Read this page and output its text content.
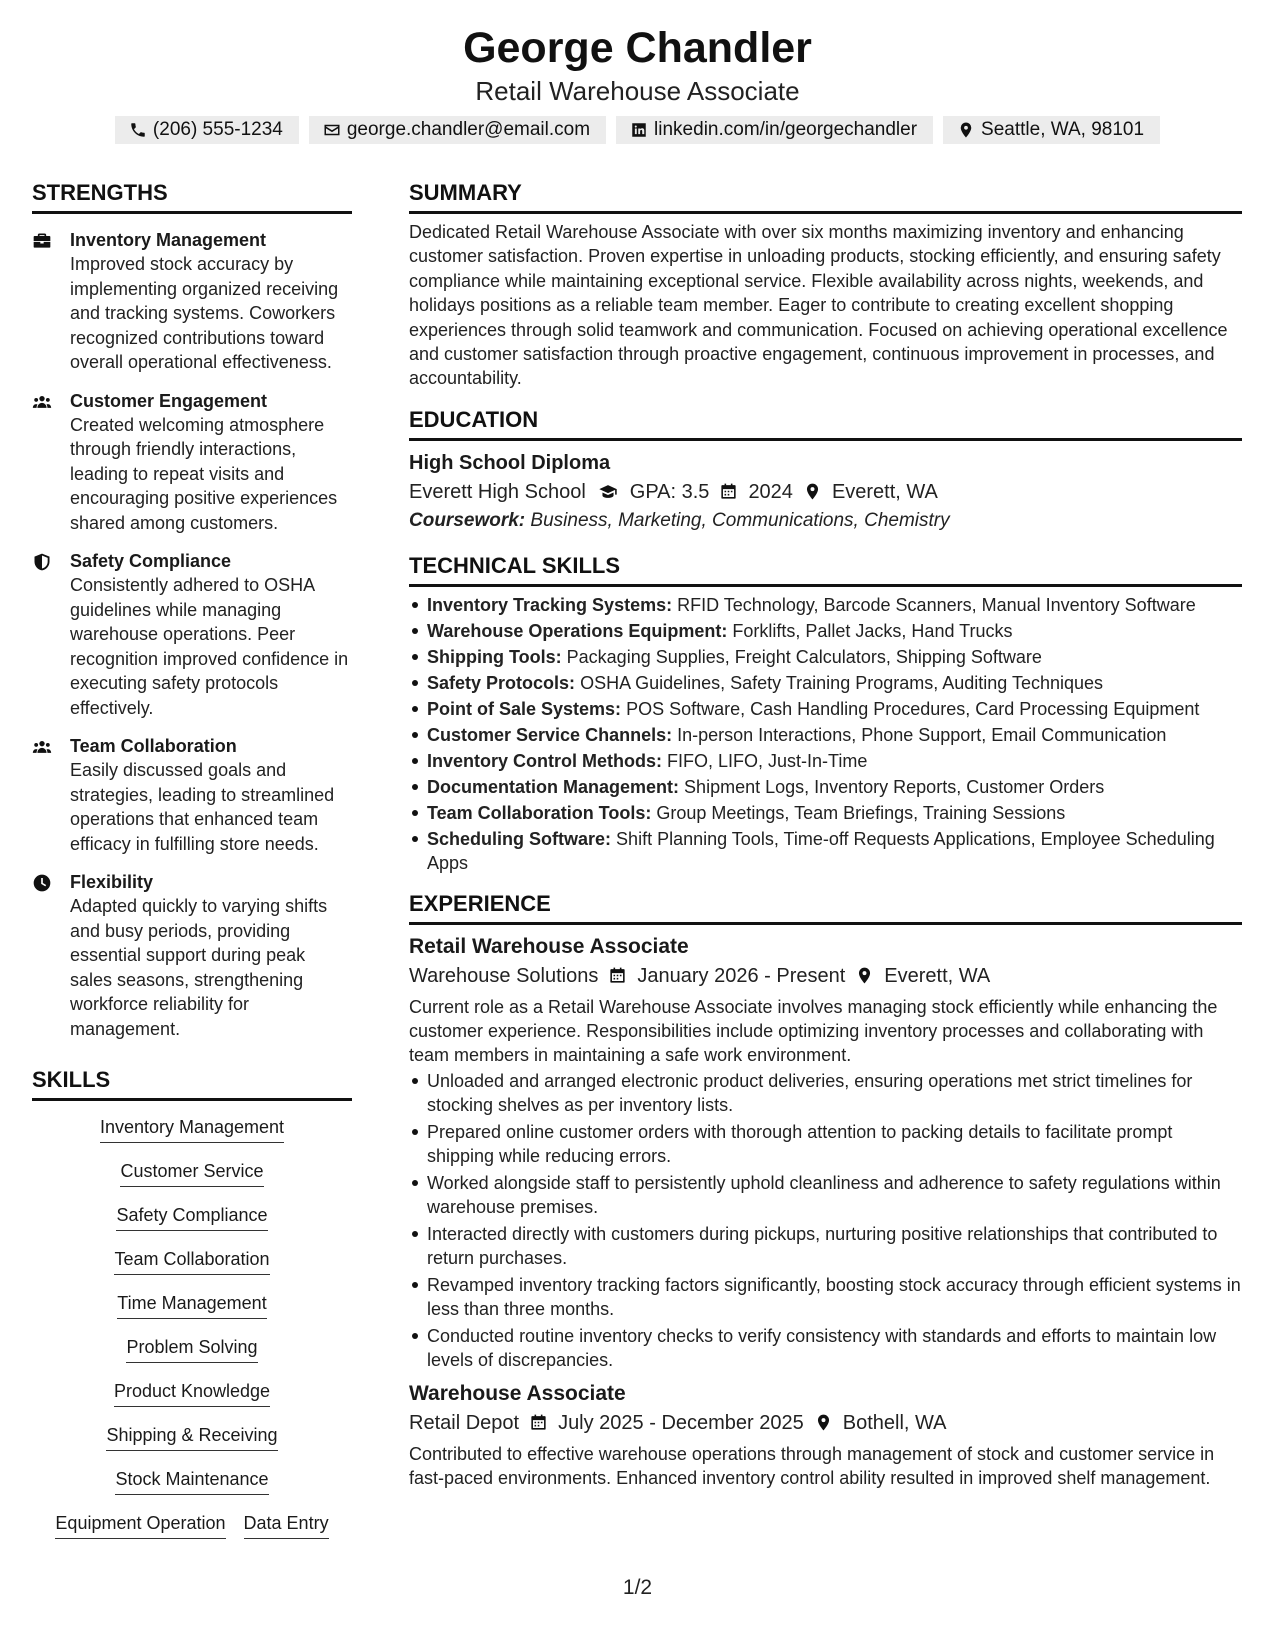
George Chandler
Retail Warehouse Associate
(206) 555-1234	george.chandler@email.com	linkedin.com/in/georgechandler	Seattle, WA, 98101
STRENGTHS
Inventory Management
Improved stock accuracy by implementing organized receiving and tracking systems. Coworkers recognized contributions toward overall operational effectiveness.
Customer Engagement
Created welcoming atmosphere through friendly interactions, leading to repeat visits and encouraging positive experiences shared among customers.
Safety Compliance
Consistently adhered to OSHA guidelines while managing warehouse operations. Peer recognition improved confidence in executing safety protocols effectively.
Team Collaboration
Easily discussed goals and strategies, leading to streamlined operations that enhanced team efficacy in fulfilling store needs.
Flexibility
Adapted quickly to varying shifts and busy periods, providing essential support during peak sales seasons, strengthening workforce reliability for management.
SKILLS
Inventory Management
Customer Service
Safety Compliance
Team Collaboration
Time Management
Problem Solving
Product Knowledge
Shipping & Receiving
Stock Maintenance
Equipment Operation Data Entry
SUMMARY
Dedicated Retail Warehouse Associate with over six months maximizing inventory and enhancing customer satisfaction. Proven expertise in unloading products, stocking efficiently, and ensuring safety compliance while maintaining exceptional service. Flexible availability across nights, weekends, and holidays positions as a reliable team member. Eager to contribute to creating excellent shopping experiences through solid teamwork and communication. Focused on achieving operational excellence and customer satisfaction through proactive engagement, continuous improvement in processes, and accountability.
EDUCATION
High School Diploma
Everett High School GPA: 3.5 2024 Everett, WA
Coursework: Business, Marketing, Communications, Chemistry
TECHNICAL SKILLS
Inventory Tracking Systems: RFID Technology, Barcode Scanners, Manual Inventory Software
Warehouse Operations Equipment: Forklifts, Pallet Jacks, Hand Trucks
Shipping Tools: Packaging Supplies, Freight Calculators, Shipping Software
Safety Protocols: OSHA Guidelines, Safety Training Programs, Auditing Techniques
Point of Sale Systems: POS Software, Cash Handling Procedures, Card Processing Equipment
Customer Service Channels: In-person Interactions, Phone Support, Email Communication
Inventory Control Methods: FIFO, LIFO, Just-In-Time
Documentation Management: Shipment Logs, Inventory Reports, Customer Orders
Team Collaboration Tools: Group Meetings, Team Briefings, Training Sessions
Scheduling Software: Shift Planning Tools, Time-off Requests Applications, Employee Scheduling Apps
EXPERIENCE
Retail Warehouse Associate
Warehouse Solutions January 2026 - Present Everett, WA
Current role as a Retail Warehouse Associate involves managing stock efficiently while enhancing the customer experience. Responsibilities include optimizing inventory processes and collaborating with team members in maintaining a safe work environment.
Unloaded and arranged electronic product deliveries, ensuring operations met strict timelines for stocking shelves as per inventory lists.
Prepared online customer orders with thorough attention to packing details to facilitate prompt shipping while reducing errors.
Worked alongside staff to persistently uphold cleanliness and adherence to safety regulations within warehouse premises.
Interacted directly with customers during pickups, nurturing positive relationships that contributed to return purchases.
Revamped inventory tracking factors significantly, boosting stock accuracy through efficient systems in less than three months.
Conducted routine inventory checks to verify consistency with standards and efforts to maintain low levels of discrepancies.
Warehouse Associate
Retail Depot July 2025 - December 2025 Bothell, WA
Contributed to effective warehouse operations through management of stock and customer service in fast-paced environments. Enhanced inventory control ability resulted in improved shelf management.
1/2
